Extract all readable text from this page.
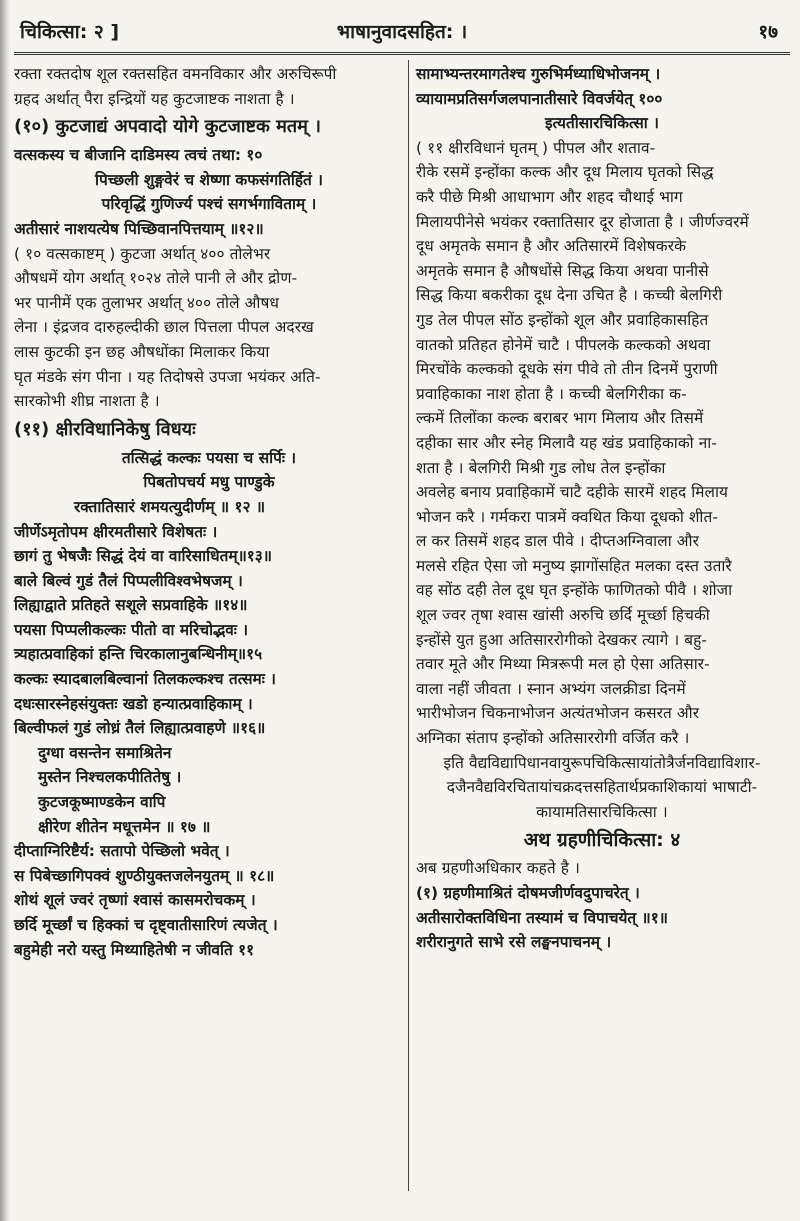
चिकित्सा: २ ]	भाषानुवादसहित: ।	१७
रक्ता रक्तदोष शूल रक्तसहित वमनविकार और अरुचिरूपी
ग्रहद अर्थात् पैरा इन्द्रियों यह कुटजाष्टक नाशता है ।
(१०) कुटजाद्यं अपवादो योगे कुटजाष्टक मतम् ।
वत्सकस्य च बीजानि दाडिमस्य त्वचं तथा: १०
पिच्छली शुङ्गवेरं च शेष्णा कफसंगतिर्हितं ।
परिवृद्धिं गुणिर्ज्य पश्चं सगर्भगाविताम् ।
अतीसारं नाशयत्येष पिच्छिवानपित्तयाम् ॥१२॥
( १० वत्सकाष्टम् ) कुटजा अर्थात् ४०० तोलेभर
औषधमें योग अर्थात् १०२४ तोले पानी ले और द्रोण-
भर पानीमें एक तुलाभर अर्थात् ४०० तोले औषध
लेना । इंद्रजव दारुहल्दीकी छाल पित्तला पीपल अदरख
लास कुटकी इन छह औषधोंका मिलाकर किया
घृत मंडके संग पीना । यह तिदोषसे उपजा भयंकर अति-
सारकोभी शीघ्र नाशता है ।
(११) क्षीरविधानिकेषु विधयः
तत्सिद्धं कल्कः पयसा च सर्पिः ।
पिबतोपचर्य मधु पाण्डुके
रक्तातिसारं शमयत्युदीर्णम् ॥ १२ ॥
जीर्णेऽमृतोपम क्षीरमतीसारे विशेषतः ।
छागं तु भेषजैः सिद्धं देयं वा वारिसाधितम्॥१३॥
बाले बिल्वं गुडं तैलं पिप्पलीविश्वभेषजम् ।
लिह्याद्वाते प्रतिहते सशूले सप्रवाहिके ॥१४॥
पयसा पिप्पलीकल्कः पीतो वा मरिचोद्भवः ।
त्र्यहात्प्रवाहिकां हन्ति चिरकालानुबन्धिनीम्॥१५
कल्कः स्यादबालबिल्वानां तिलकल्कश्च तत्समः ।
दधःसारस्नेहसंयुक्तः खडो हन्यात्प्रवाहिकाम् ।
बिल्वीफलं गुडं लोध्रं तैलं लिह्यात्प्रवाहणे ॥१६॥
दुग्धा वसन्तेन समाश्रितेन
मुस्तेन निश्चलकपीतितेषु ।
कुटजकूष्माण्डकेन वापि
क्षीरेण शीतेन मधूत्तमेन ॥ १७ ॥
दीप्ताग्निरिष्टैर्य: सतापो पेच्छिलो भवेत् ।
स पिबेच्छागिपक्वं शुण्ठीयुक्तजलेनयुतम् ॥ १८॥
शोथं शूलं ज्वरं तृष्णां श्वासं कासमरोचकम् ।
छर्दि मूर्च्छां च हिक्कां च दृष्ट्वातीसारिणं त्यजेत् ।
बहुमेही नरो यस्तु मिथ्याहितेषी न जीवति ११
सामाभ्यन्तरमागतेश्च गुरुभिर्मध्याधिभोजनम् ।
व्यायामप्रतिसर्गजलपानातीसारे विवर्जयेत् १००
इत्यतीसारचिकित्सा ।
( ११ क्षीरविधानं घृतम् ) पीपल और शताव-
रीके रसमें इन्होंका कल्क और दूध मिलाय घृतको सिद्ध
करै पीछे मिश्री आधाभाग और शहद चौथाई भाग
मिलायपीनेसे भयंकर रक्तातिसार दूर होजाता है । जीर्णज्वरमें
दूध अमृतके समान है और अतिसारमें विशेषकरके
अमृतके समान है औषधोंसे सिद्ध किया अथवा पानीसे
सिद्ध किया बकरीका दूध देना उचित है । कच्ची बेलगिरी
गुड तेल पीपल सोंठ इन्होंको शूल और प्रवाहिकासहित
वातको प्रतिहत होनेमें चाटै । पीपलके कल्कको अथवा
मिरचोंके कल्कको दूधके संग पीवे तो तीन दिनमें पुराणी
प्रवाहिकाका नाश होता है । कच्ची बेलगिरीका क-
ल्कमें तिलोंका कल्क बराबर भाग मिलाय और तिसमें
दहीका सार और स्नेह मिलावै यह खंड प्रवाहिकाको ना-
शता है । बेलगिरी मिश्री गुड लोध तेल इन्होंका
अवलेह बनाय प्रवाहिकामें चाटै दहीके सारमें शहद मिलाय
भोजन करै । गर्मकरा पात्रमें क्वथित किया दूधको शीत-
ल कर तिसमें शहद डाल पीवे । दीप्तअग्निवाला और
मलसे रहित ऐसा जो मनुष्य झागोंसहित मलका दस्त उतारै
वह सोंठ दही तेल दूध घृत इन्होंके फाणितको पीवै । शोजा
शूल ज्वर तृषा श्वास खांसी अरुचि छर्दि मूर्च्छा हिचकी
इन्होंसे युत हुआ अतिसाररोगीको देखकर त्यागे । बहु-
तवार मूते और मिथ्या मित्ररूपी मल हो ऐसा अतिसार-
वाला नहीं जीवता । स्नान अभ्यंग जलक्रीडा दिनमें
भारीभोजन चिकनाभोजन अत्यंतभोजन कसरत और
अग्निका संताप इन्होंको अतिसाररोगी वर्जित करै ।
इति वैद्यविद्यापिधानवायुरूपचिकित्सायांतोत्रैर्जनविद्याविशार-
दजैनवैद्यविरचितायांचक्रदत्तसहितार्थप्रकाशिकायां भाषाटी-
कायामतिसारचिकित्सा ।
अथ ग्रहणीचिकित्सा: ४
अब ग्रहणीअधिकार कहते है ।
(१) ग्रहणीमाश्रितं दोषमजीर्णवदुपाचरेत् ।
अतीसारोक्तविधिना तस्यामं च विपाचयेत् ॥१॥
शरीरानुगते साभे रसे लङ्घनपाचनम् ।
